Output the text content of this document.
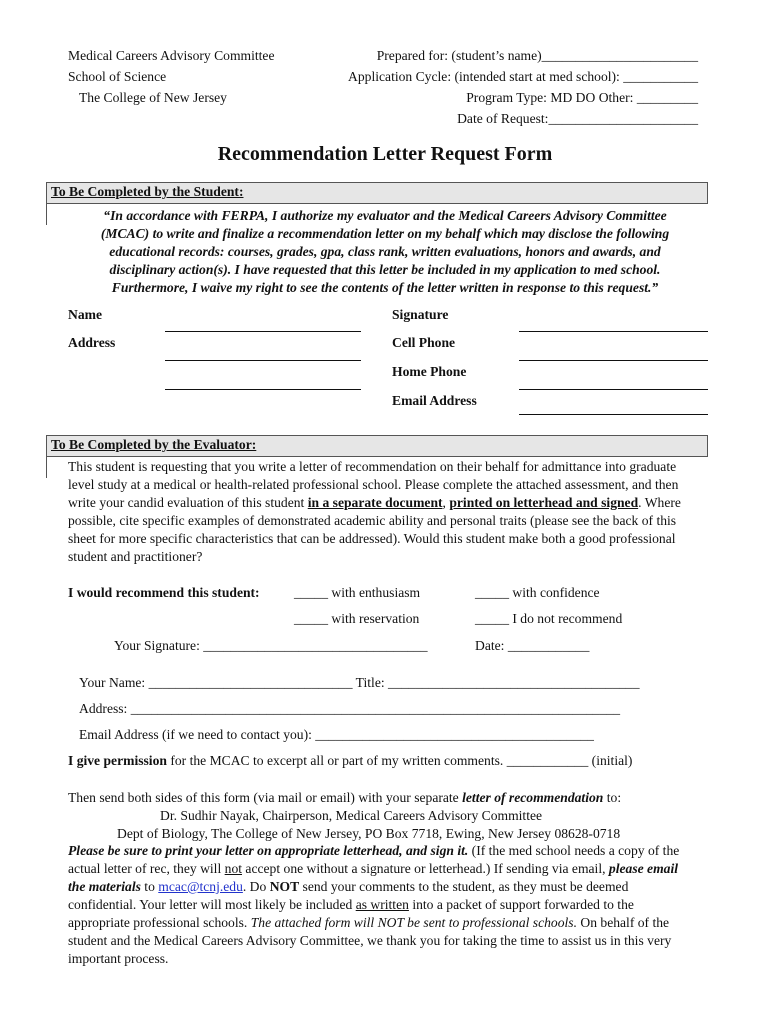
Medical Careers Advisory Committee
School of Science
The College of New Jersey
Prepared for: (student’s name)_______________________
Application Cycle: (intended start at med school): ___________
Program Type: MD DO Other: _________
Date of Request:______________________
Recommendation Letter Request Form
To Be Completed by the Student:
“In accordance with FERPA, I authorize my evaluator and the Medical Careers Advisory Committee
(MCAC) to write and finalize a recommendation letter on my behalf which may disclose the following
educational records: courses, grades, gpa, class rank, written evaluations, honors and awards, and
disciplinary action(s). I have requested that this letter be included in my application to med school.
Furthermore, I waive my right to see the contents of the letter written in response to this request.”
Name
Address
Signature
Cell Phone
Home Phone
Email Address
To Be Completed by the Evaluator:
This student is requesting that you write a letter of recommendation on their behalf for admittance into graduate level study at a medical or health-related professional school. Please complete the attached assessment, and then write your candid evaluation of this student in a separate document, printed on letterhead and signed. Where possible, cite specific examples of demonstrated academic ability and personal traits (please see the back of this sheet for more specific characteristics that can be addressed). Would this student make both a good professional student and practitioner?
I would recommend this student:	_____ with enthusiasm	_____ with confidence
_____ with reservation	_____ I do not recommend
Your Signature: _________________________________	Date: ____________
Your Name: ______________________________ Title: _____________________________________
Address: ________________________________________________________________________
Email Address (if we need to contact you): _________________________________________
I give permission for the MCAC to excerpt all or part of my written comments. ____________ (initial)
Then send both sides of this form (via mail or email) with your separate letter of recommendation to:
Dr. Sudhir Nayak, Chairperson, Medical Careers Advisory Committee
Dept of Biology, The College of New Jersey, PO Box 7718, Ewing, New Jersey 08628-0718
Please be sure to print your letter on appropriate letterhead, and sign it. (If the med school needs a copy of the actual letter of rec, they will not accept one without a signature or letterhead.) If sending via email, please email the materials to mcac@tcnj.edu. Do NOT send your comments to the student, as they must be deemed confidential. Your letter will most likely be included as written into a packet of support forwarded to the appropriate professional schools. The attached form will NOT be sent to professional schools. On behalf of the student and the Medical Careers Advisory Committee, we thank you for taking the time to assist us in this very important process.
